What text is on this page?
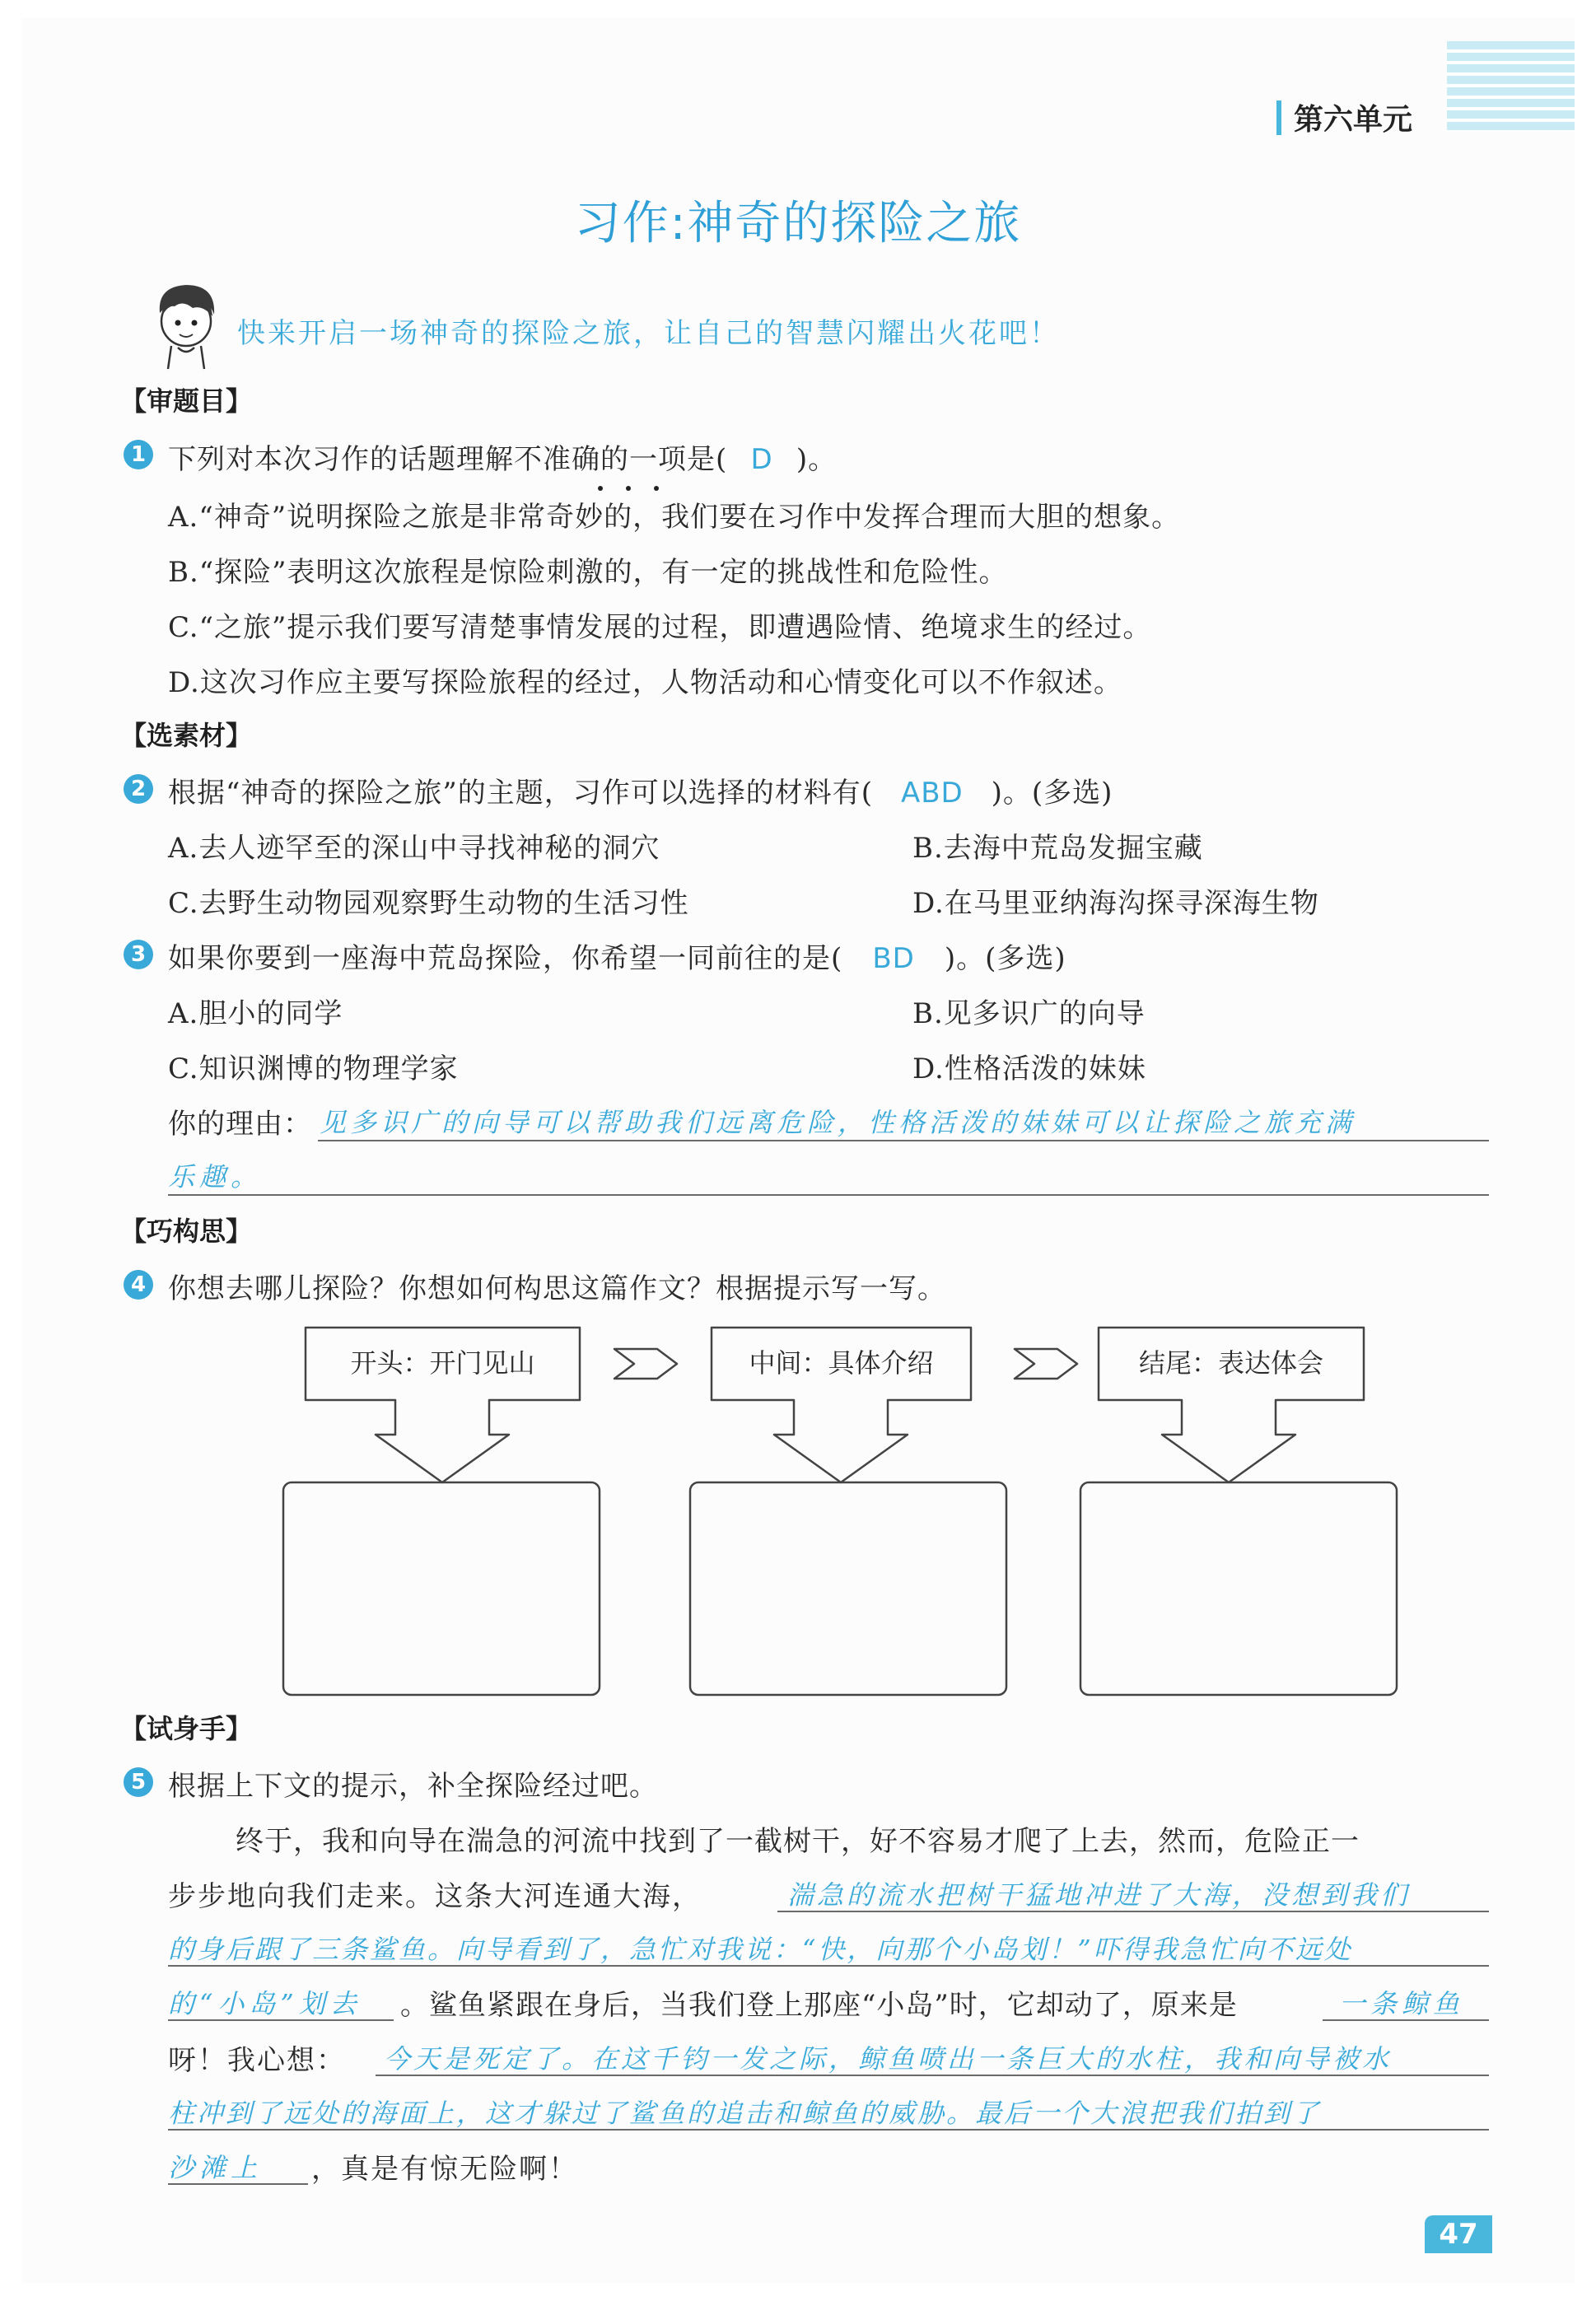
第六单元
习作:神奇的探险之旅
快来开启一场神奇的探险之旅，让自己的智慧闪耀出火花吧！
【审题目】
1 下列对本次习作的话题理解不准确的一项是( D )。
A.“神奇”说明探险之旅是非常奇妙的，我们要在习作中发挥合理而大胆的想象。
B.“探险”表明这次旅程是惊险刺激的，有一定的挑战性和危险性。
C.“之旅”提示我们要写清楚事情发展的过程，即遭遇险情、绝境求生的经过。
D.这次习作应主要写探险旅程的经过，人物活动和心情变化可以不作叙述。
【选素材】
2 根据“神奇的探险之旅”的主题，习作可以选择的材料有( ABD )。(多选)
A.去人迹罕至的深山中寻找神秘的洞穴	B.去海中荒岛发掘宝藏
C.去野生动物园观察野生动物的生活习性	D.在马里亚纳海沟探寻深海生物
3 如果你要到一座海中荒岛探险，你希望一同前往的是( BD )。(多选)
A.胆小的同学	B.见多识广的向导
C.知识渊博的物理学家	D.性格活泼的妹妹
你的理由： 见多识广的向导可以帮助我们远离危险，性格活泼的妹妹可以让探险之旅充满
乐趣。
【巧构思】
4 你想去哪儿探险？你想如何构思这篇作文？根据提示写一写。
开头：开门见山	中间：具体介绍	结尾：表达体会
【试身手】
5 根据上下文的提示，补全探险经过吧。
终于，我和向导在湍急的河流中找到了一截树干，好不容易才爬了上去，然而，危险正一
步步地向我们走来。这条大河连通大海，	湍急的流水把树干猛地冲进了大海，没想到我们
的身后跟了三条鲨鱼。向导看到了，急忙对我说：“快，向那个小岛划！”吓得我急忙向不远处
的“小岛”划去 。鲨鱼紧跟在身后，当我们登上那座“小岛”时，它却动了，原来是	一条鲸鱼
呀！我心想： 今天是死定了。在这千钧一发之际，鲸鱼喷出一条巨大的水柱，我和向导被水
柱冲到了远处的海面上，这才躲过了鲨鱼的追击和鲸鱼的威胁。最后一个大浪把我们拍到了
沙滩上 ，真是有惊无险啊！
47
